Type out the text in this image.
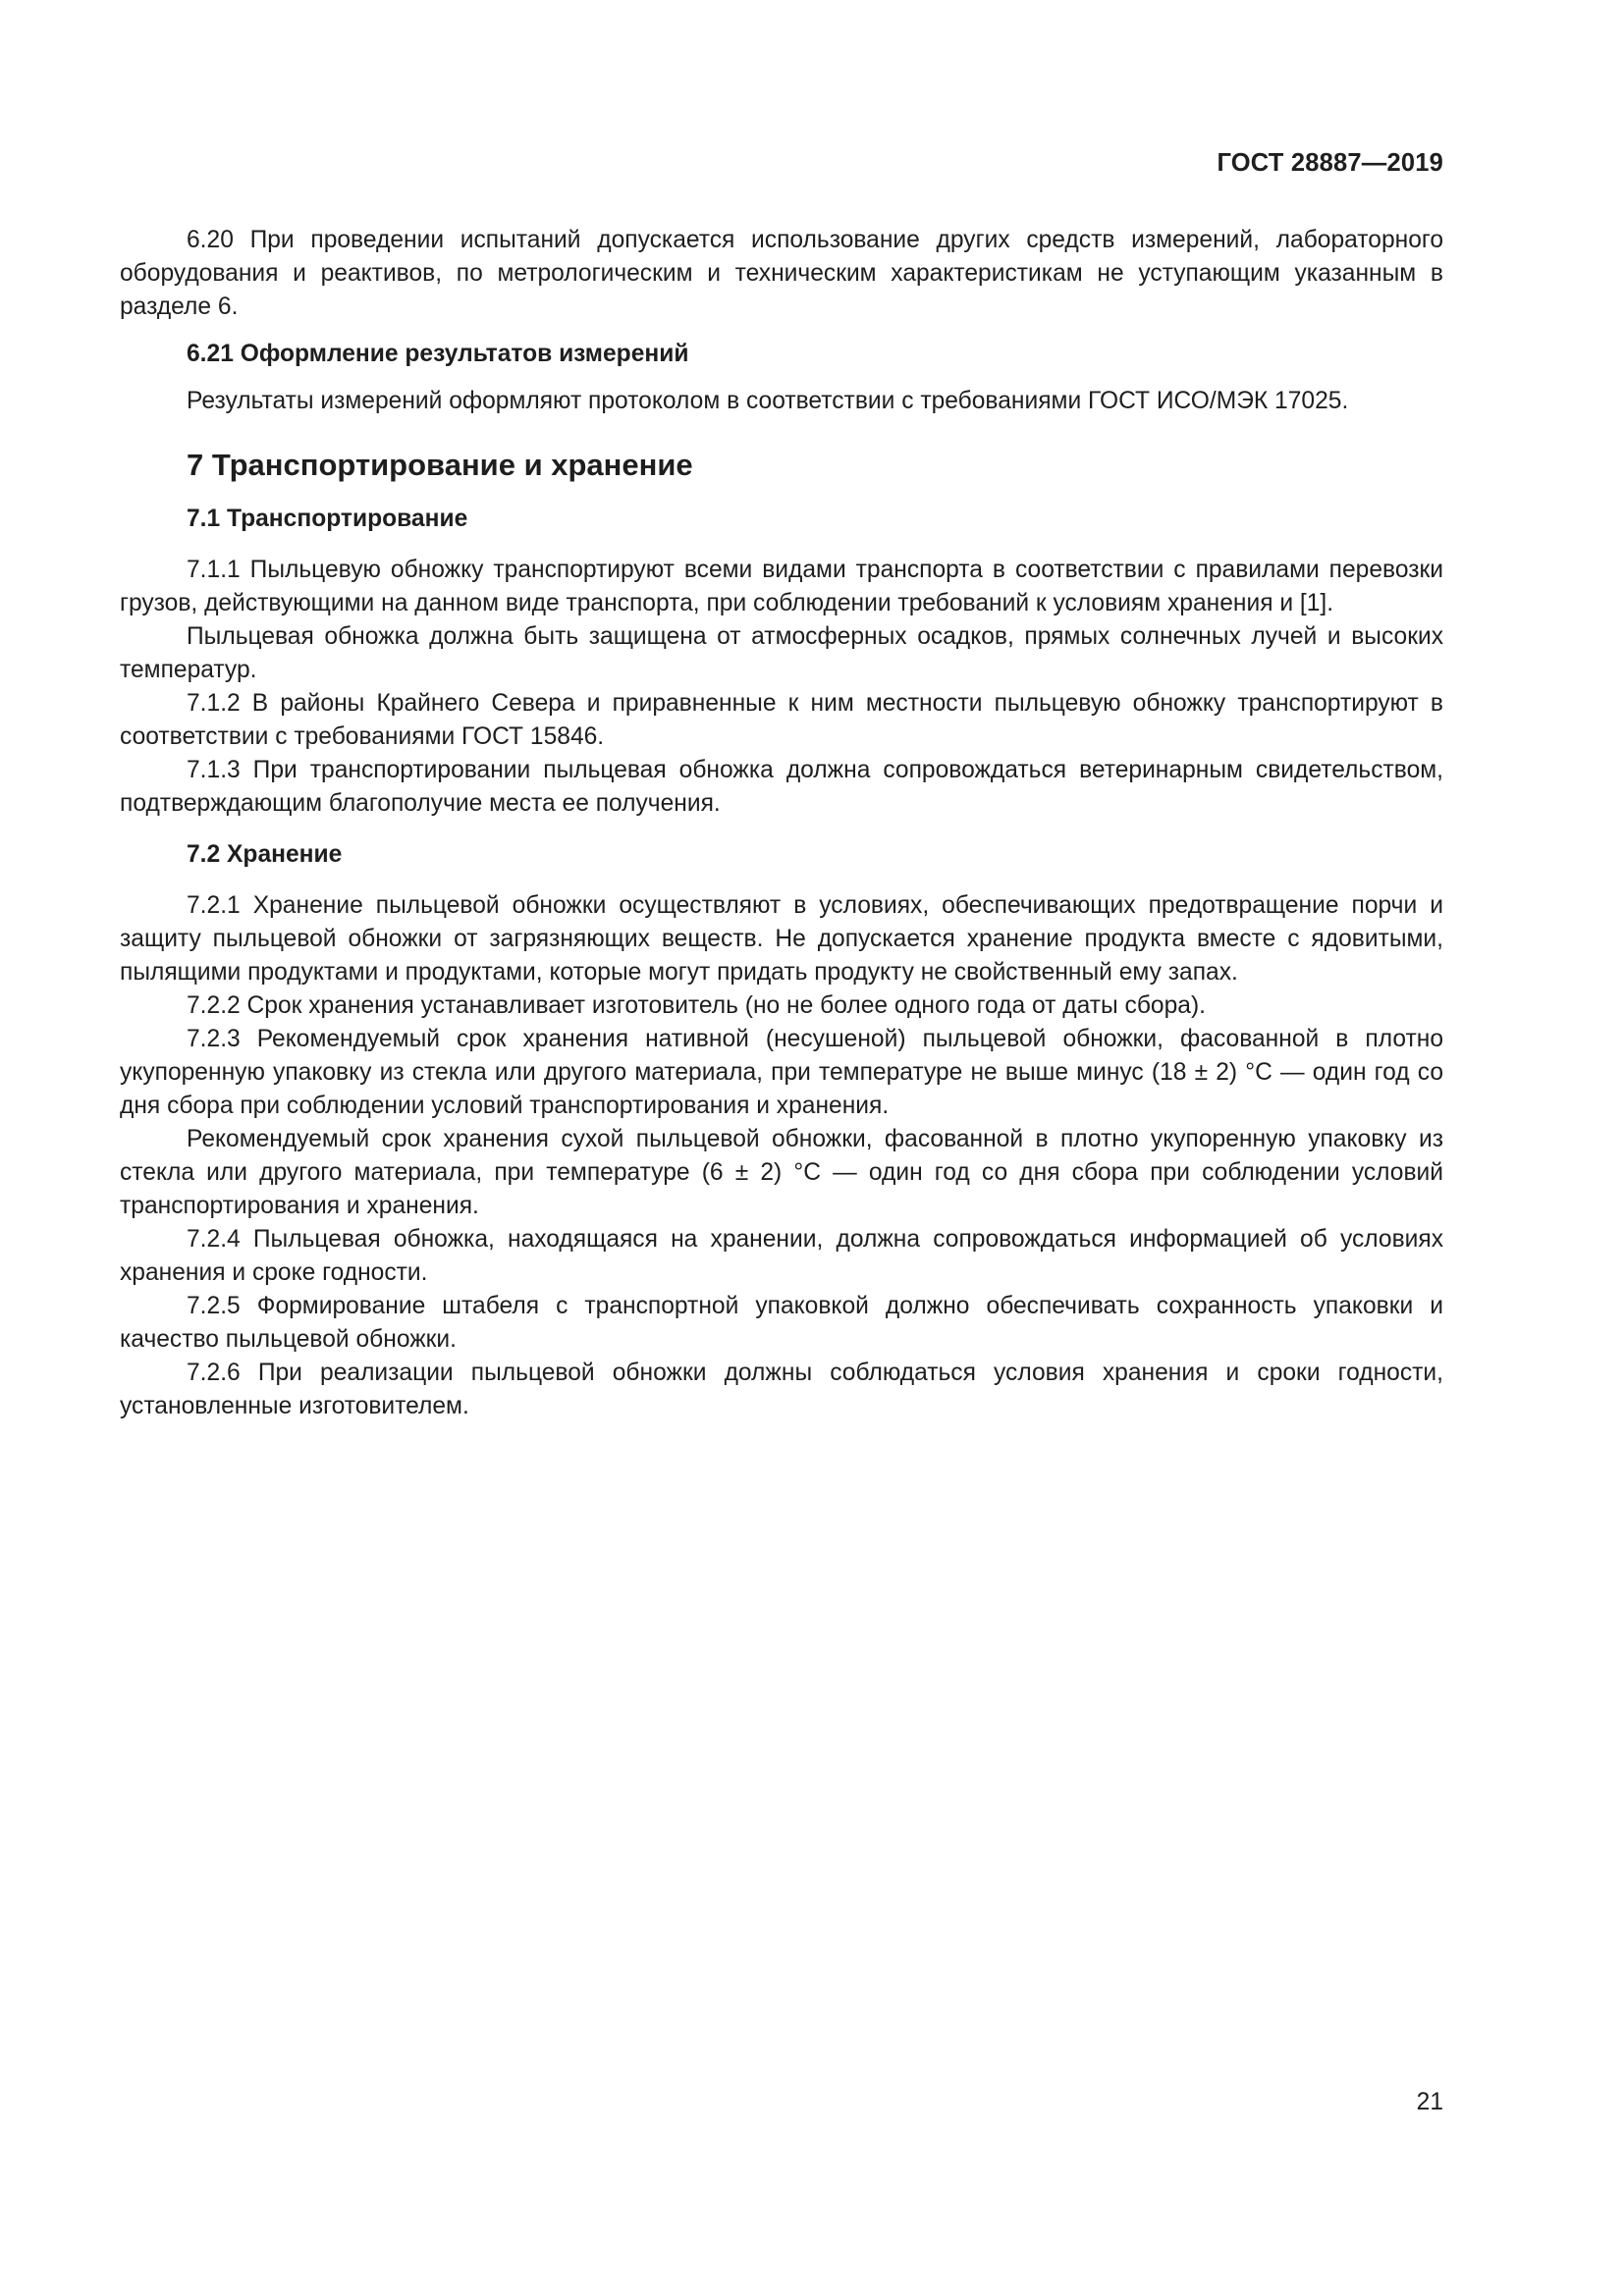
ГОСТ 28887—2019

6.20 При проведении испытаний допускается использование других средств измерений, лабораторного оборудования и реактивов, по метрологическим и техническим характеристикам не уступающим указанным в разделе 6.

6.21 Оформление результатов измерений

Результаты измерений оформляют протоколом в соответствии с требованиями ГОСТ ИСО/МЭК 17025.

7 Транспортирование и хранение

7.1 Транспортирование

7.1.1 Пыльцевую обножку транспортируют всеми видами транспорта в соответствии с правилами перевозки грузов, действующими на данном виде транспорта, при соблюдении требований к условиям хранения и [1].

Пыльцевая обножка должна быть защищена от атмосферных осадков, прямых солнечных лучей и высоких температур.

7.1.2 В районы Крайнего Севера и приравненные к ним местности пыльцевую обножку транспортируют в соответствии с требованиями ГОСТ 15846.

7.1.3 При транспортировании пыльцевая обножка должна сопровождаться ветеринарным свидетельством, подтверждающим благополучие места ее получения.

7.2 Хранение

7.2.1 Хранение пыльцевой обножки осуществляют в условиях, обеспечивающих предотвращение порчи и защиту пыльцевой обножки от загрязняющих веществ. Не допускается хранение продукта вместе с ядовитыми, пылящими продуктами и продуктами, которые могут придать продукту не свойственный ему запах.

7.2.2 Срок хранения устанавливает изготовитель (но не более одного года от даты сбора).

7.2.3 Рекомендуемый срок хранения нативной (несушеной) пыльцевой обножки, фасованной в плотно укупоренную упаковку из стекла или другого материала, при температуре не выше минус (18 ± 2) °С — один год со дня сбора при соблюдении условий транспортирования и хранения.

Рекомендуемый срок хранения сухой пыльцевой обножки, фасованной в плотно укупоренную упаковку из стекла или другого материала, при температуре (6 ± 2) °С — один год со дня сбора при соблюдении условий транспортирования и хранения.

7.2.4 Пыльцевая обножка, находящаяся на хранении, должна сопровождаться информацией об условиях хранения и сроке годности.

7.2.5 Формирование штабеля с транспортной упаковкой должно обеспечивать сохранность упаковки и качество пыльцевой обножки.

7.2.6 При реализации пыльцевой обножки должны соблюдаться условия хранения и сроки годности, установленные изготовителем.

21
